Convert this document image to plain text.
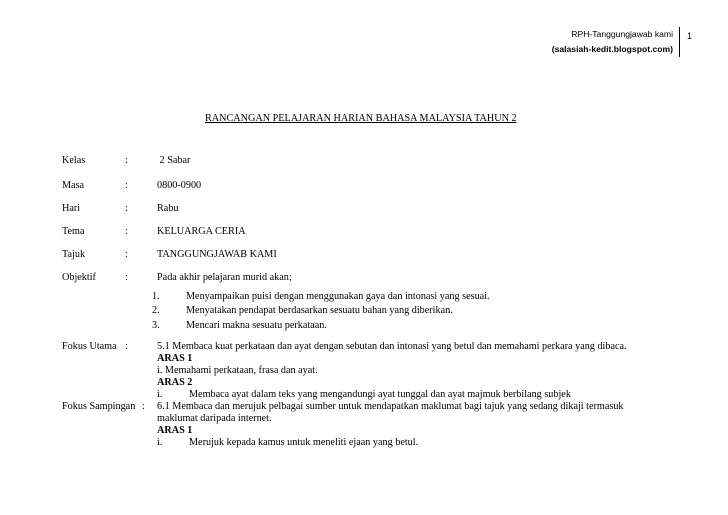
RPH-Tanggungjawab kami
(salasiah-kedit.blogspot.com)
1
RANCANGAN PELAJARAN HARIAN BAHASA MALAYSIA TAHUN 2
Kelas	:	2 Sabar
Masa	:	0800-0900
Hari	:	Rabu
Tema	:	KELUARGA CERIA
Tajuk	:	TANGGUNGJAWAB KAMI
Objektif	:	Pada akhir pelajaran murid akan;
1.	Menyampaikan puisi dengan menggunakan gaya dan intonasi yang sesuai.
2.	Menyatakan pendapat berdasarkan sesuatu bahan yang diberikan.
3.	Mencari makna sesuatu perkataan.
Fokus Utama :	5.1 Membaca kuat perkataan dan ayat dengan sebutan dan intonasi yang betul dan memahami perkara yang dibaca.
ARAS 1
i. Memahami perkataan, frasa dan ayat.
ARAS 2
i.	Membaca ayat dalam teks yang mengandungi ayat tunggal dan ayat majmuk berbilang subjek
Fokus Sampingan : 6.1 Membaca dan merujuk pelbagai sumber untuk mendapatkan maklumat bagi tajuk yang sedang dikaji termasuk
maklumat daripada internet.
ARAS 1
i.	Merujuk kepada kamus untuk meneliti ejaan yang betul.
